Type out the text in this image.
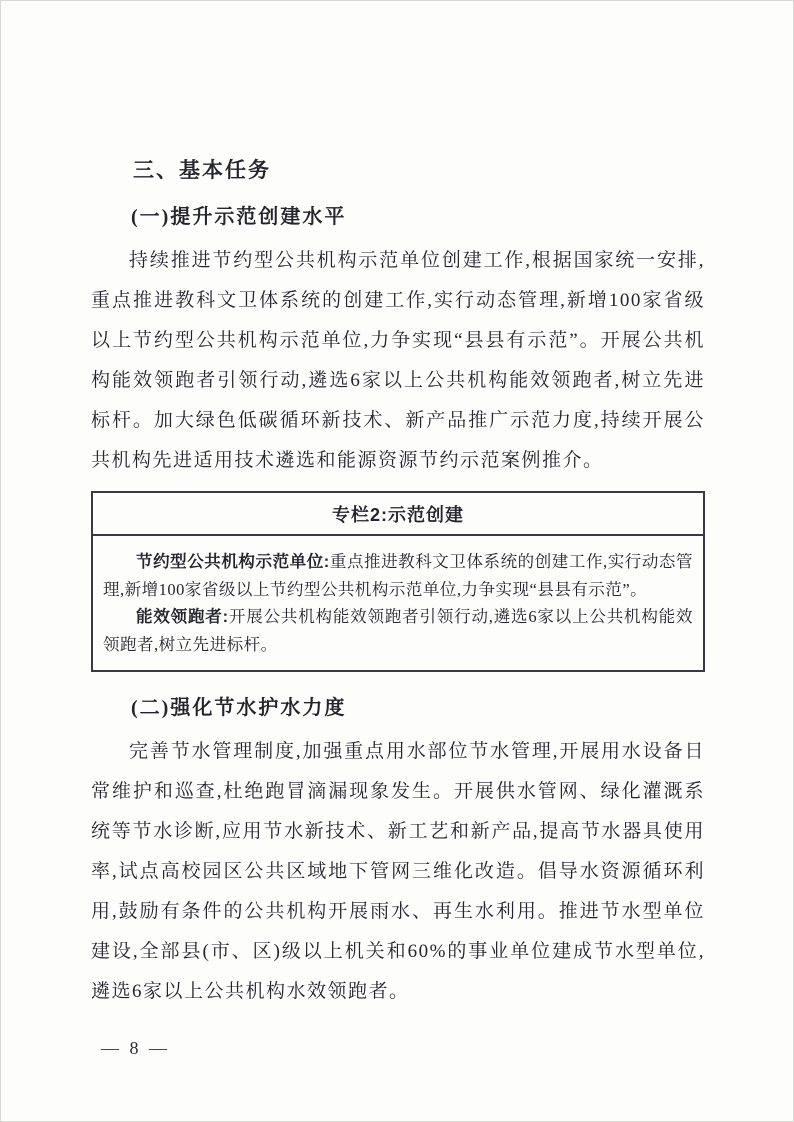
三、基本任务
(一)提升示范创建水平

持续推进节约型公共机构示范单位创建工作,根据国家统一安排,重点推进教科文卫体系统的创建工作,实行动态管理,新增100家省级以上节约型公共机构示范单位,力争实现“县县有示范”。开展公共机构能效领跑者引领行动,遴选6家以上公共机构能效领跑者,树立先进标杆。加大绿色低碳循环新技术、新产品推广示范力度,持续开展公共机构先进适用技术遴选和能源资源节约示范案例推介。

专栏2:示范创建

节约型公共机构示范单位:重点推进教科文卫体系统的创建工作,实行动态管理,新增100家省级以上节约型公共机构示范单位,力争实现“县县有示范”。

能效领跑者:开展公共机构能效领跑者引领行动,遴选6家以上公共机构能效领跑者,树立先进标杆。

(二)强化节水护水力度

完善节水管理制度,加强重点用水部位节水管理,开展用水设备日常维护和巡查,杜绝跑冒滴漏现象发生。开展供水管网、绿化灌溉系统等节水诊断,应用节水新技术、新工艺和新产品,提高节水器具使用率,试点高校园区公共区域地下管网三维化改造。倡导水资源循环利用,鼓励有条件的公共机构开展雨水、再生水利用。推进节水型单位建设,全部县(市、区)级以上机关和60%的事业单位建成节水型单位,遴选6家以上公共机构水效领跑者。

— 8 —
